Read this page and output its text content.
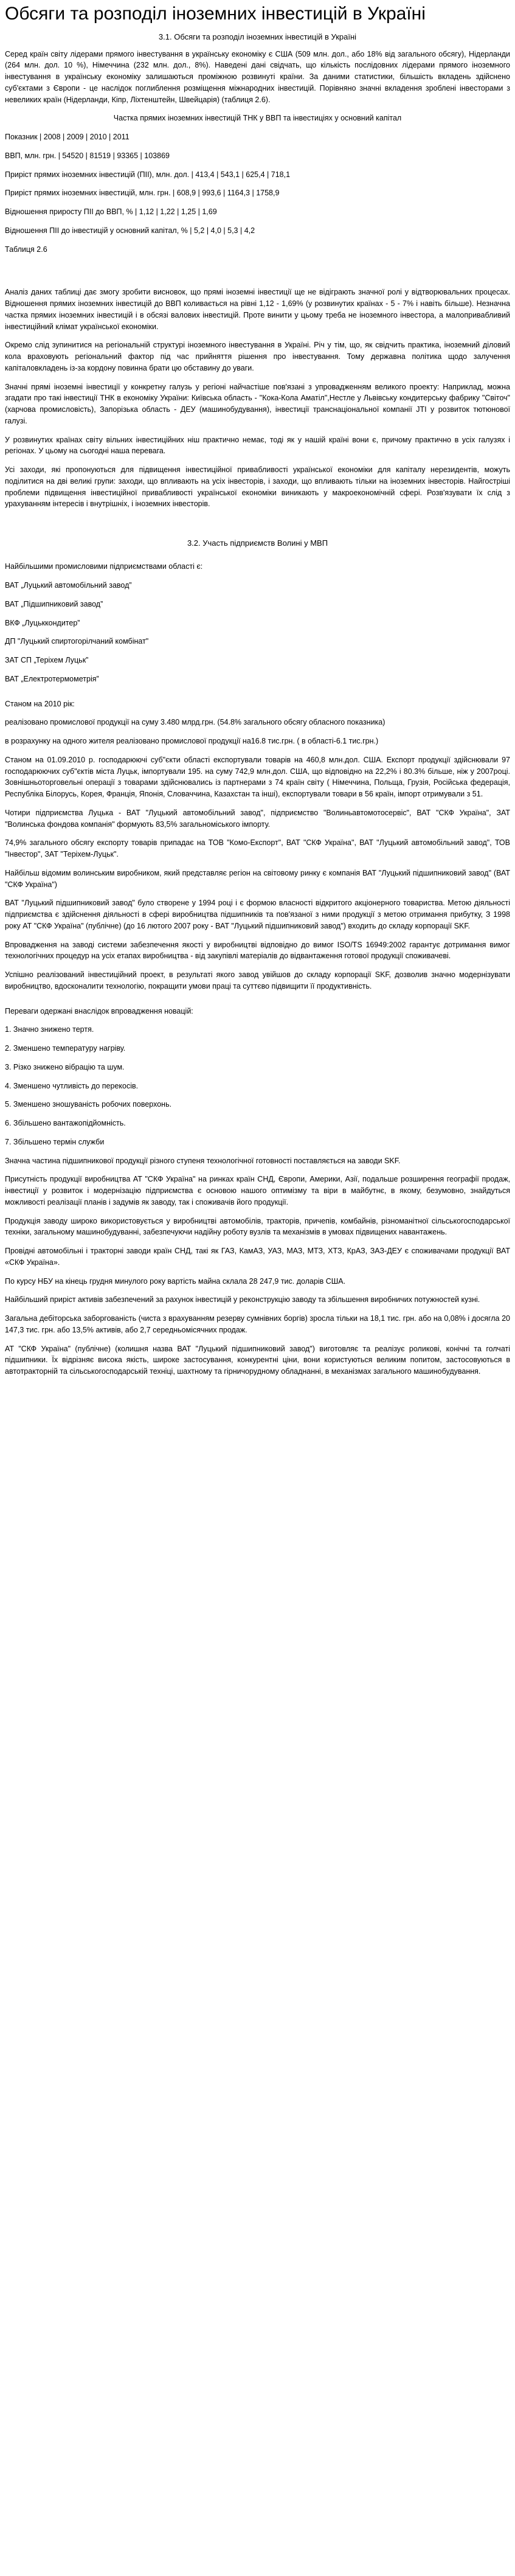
Обсяги та розподіл іноземних інвестицій в Україні
3.1. Обсяги та розподіл іноземних інвестицій в Україні

Серед країн світу лідерами прямого інвестування в українську економіку є США (509 млн. дол., або 18% від загального обсягу), Нідерланди (264 млн. дол. 10 %), Німеччина (232 млн. дол., 8%). Наведені дані свідчать, що кількість послідовних лідерами прямого іноземного інвестування в українську економіку залишаються проміжною розвинуті країни. За даними статистики, більшість вкладень здійснено суб'єктами з Європи - це наслідок поглиблення розміщення міжнародних інвестицій. Порівняно значні вкладення зроблені інвесторами з невеликих країн (Нідерланди, Кіпр, Ліхтенштейн, Швейцарія) (таблиця 2.6).

Частка прямих іноземних інвестицій ТНК у ВВП та інвестиціях у основний капітал

Показник | 2008 | 2009 | 2010 | 2011

ВВП, млн. грн. | 54520 | 81519 | 93365 | 103869

Приріст прямих іноземних інвестицій (ПІІ), млн. дол. | 413,4 | 543,1 | 625,4 | 718,1

Приріст прямих іноземних інвестицій, млн. грн. | 608,9 | 993,6 | 1164,3 | 1758,9

Відношення приросту ПІІ до ВВП, % | 1,12 | 1,22 | 1,25 | 1,69

Відношення ПІІ до інвестицій у основний капітал, % | 5,2 | 4,0 | 5,3 | 4,2

Таблиця 2.6

Аналіз даних таблиці дає змогу зробити висновок, що прямі іноземні інвестиції ще не відіграють значної ролі у відтворювальних процесах. Відношення прямих іноземних інвестицій до ВВП коливається на рівні 1,12 - 1,69% (у розвинутих країнах - 5 - 7% і навіть більше). Незначна частка прямих іноземних інвестицій і в обсязі валових інвестицій. Проте винити у цьому треба не іноземного інвестора, а малопривабливий інвестиційний клімат української економіки.

Окремо слід зупинитися на регіональній структурі іноземного інвестування в Україні. Річ у тім, що, як свідчить практика, іноземний діловий кола враховують регіональний фактор під час прийняття рішення про інвестування. Тому державна політика щодо залучення капіталовкладень із-за кордону повинна брати цю обставину до уваги.

Значні прямі іноземні інвестиції у конкретну галузь у регіоні найчастіше пов'язані з упровадженням великого проекту: Наприклад, можна згадати про такі інвестиції ТНК в економіку України: Київська область - "Кока-Кола Аматіл",Нестле у Львівську кондитерську фабрику "Світоч" (харчова промисловість), Запорізька область - ДЕУ (машинобудування), інвестиції транснаціональної компанії JTI у розвиток тютюнової галузі.

У розвинутих країнах світу вільних інвестиційних ніш практично немає, тоді як у нашій країні вони є, причому практично в усіх галузях і регіонах. У цьому на сьогодні наша перевага.

Усі заходи, які пропонуються для підвищення інвестиційної привабливості української економіки для капіталу нерезидентів, можуть поділитися на дві великі групи: заходи, що впливають на усіх інвесторів, і заходи, що впливають тільки на іноземних інвесторів. Найгострішi проблеми підвищення інвестиційної привабливості української економіки виникають у макроекономічній сфері. Розв'язувати їх слід з урахуванням інтересів і внутрішніх, і іноземних інвесторів.

3.2. Участь підприємств Волині у МВП

Найбільшими промисловими підприємствами області є:

ВАТ „Луцький автомобільний завод”

ВАТ „Підшипниковий завод”

ВКФ „Луцьккондитер”

ДП "Луцький спиртогорілчаний комбінат"

ЗАТ СП „Теріхем Луцьк”

ВАТ „Електротермометрія”

Станом на 2010 рік:

реалізовано промислової продукції на суму 3.480 млрд.грн. (54.8% загального обсягу обласного показника)

в розрахунку на одного жителя реалізовано промислової продукції на16.8 тис.грн. ( в області-6.1 тис.грн.)

Станом на 01.09.2010 р. господарюючі суб"єкти області експортували товарів на 460,8 млн.дол. США. Експорт продукції здійснювали 97 господарюючих суб"єктів міста Луцьк, імпортували 195. на суму 742,9 млн.дол. США, що відповідно на 22,2% і 80.3% більше, ніж у 2007році. Зовнішньоторговельні операції з товарами здійснювались із партнерами з 74 країн світу ( Німеччина, Польща, Грузія, Російська федерація, Республіка Білорусь, Корея, Франція, Японія, Словаччина, Казахстан та інші), експортували товари в 56 країн, імпорт отримували з 51.

Чотири підприємства Луцька - ВАТ "Луцький автомобільний завод", підприємство "Волиньавтомотосервіс", ВАТ "СКФ Україна", ЗАТ "Волинська фондова компанія" формують 83,5% загальноміського імпорту.

74,9% загального обсягу експорту товарів припадає на ТОВ "Комо-Експорт", ВАТ "СКФ Україна", ВАТ "Луцький автомобільний завод", ТОВ "Інвестор", ЗАТ "Теріхем-Луцьк".

Найбільш відомим волинським виробником, який представляє регіон на світовому ринку є компанія ВАТ "Луцький підшипниковий завод" (ВАТ "СКФ Україна")

ВАТ "Луцький підшипниковий завод" було створене у 1994 році і є формою власності відкритого акціонерного товариства. Метою діяльності підприємства є здійснення діяльності в сфері виробництва підшипників та пов'язаної з ними продукції з метою отримання прибутку, З 1998 року АТ "СКФ Україна" (публічне) (до 16 лютого 2007 року - ВАТ "Луцький підшипниковий завод") входить до складу корпорації SKF.

Впровадження на заводі системи забезпечення якості у виробництві відповідно до вимог ISO/TS 16949:2002 гарантує дотримання вимог технологічних процедур на усіх етапах виробництва - від закупівлі матеріалів до відвантаження готової продукції споживачеві.

Успішно реалізований інвестиційний проект, в результаті якого завод увійшов до складу корпорації SKF, дозволив значно модернізувати виробництво, вдосконалити технологію, покращити умови праці та суттєво підвищити її продуктивність.

Переваги одержані внаслідок впровадження новацій:

1. Значно знижено тертя.

2. Зменшено температуру нагріву.

3. Різко знижено вібрацію та шум.

4. Зменшено чутливість до перекосів.

5. Зменшено зношуваність робочих поверхонь.

6. Збільшено вантажопідйомність.

7. Збільшено термін служби

Значна частина підшипникової продукції різного ступеня технологічної готовності поставляється на заводи SKF.

Присутність продукції виробництва АТ "СКФ Україна" на ринках країн СНД, Європи, Америки, Азії, подальше розширення географії продаж, інвестиції у розвиток і модернізацію підприємства є основою нашого оптимізму та віри в майбутнє, в якому, безумовно, знайдуться можливості реалізації планів і задумів як заводу, так і споживачів його продукції.

Продукція заводу широко використовується у виробництві автомобілів, тракторів, причепів, комбайнів, різноманітної сільськогосподарської техніки, загальному машинобудуванні, забезпечуючи надійну роботу вузлів та механізмів в умовах підвищених навантажень.

Провідні автомобільні і тракторні заводи країн СНД, такі як ГАЗ, КамАЗ, УАЗ, МАЗ, МТЗ, ХТЗ, КрАЗ, ЗАЗ-ДЕУ є споживачами продукції ВАТ «СКФ Україна».

По курсу НБУ на кінець грудня минулого року вартість майна склала 28 247,9 тис. доларів США.

Найбільший приріст активів забезпечений за рахунок інвестицій у реконструкцію заводу та збільшення виробничих потужностей кузні.

Загальна дебіторська заборгованість (чиста з врахуванням резерву сумнівних боргів) зросла тільки на 18,1 тис. грн. або на 0,08% і досягла 20 147,3 тис. грн. або 13,5% активів, або 2,7 середньомісячних продаж.

АТ "СКФ Україна" (публічне) (колишня назва ВАТ "Луцький підшипниковий завод") виготовляє та реалізує роликові, конічні та голчаті підшипники. Їх відрізняє висока якість, широке застосування, конкурентні ціни, вони користуються великим попитом, застосовуються в автотракторній та сільськогосподарській техніці, шахтному та гірничорудному обладнанні, в механізмах загального машинобудування.
